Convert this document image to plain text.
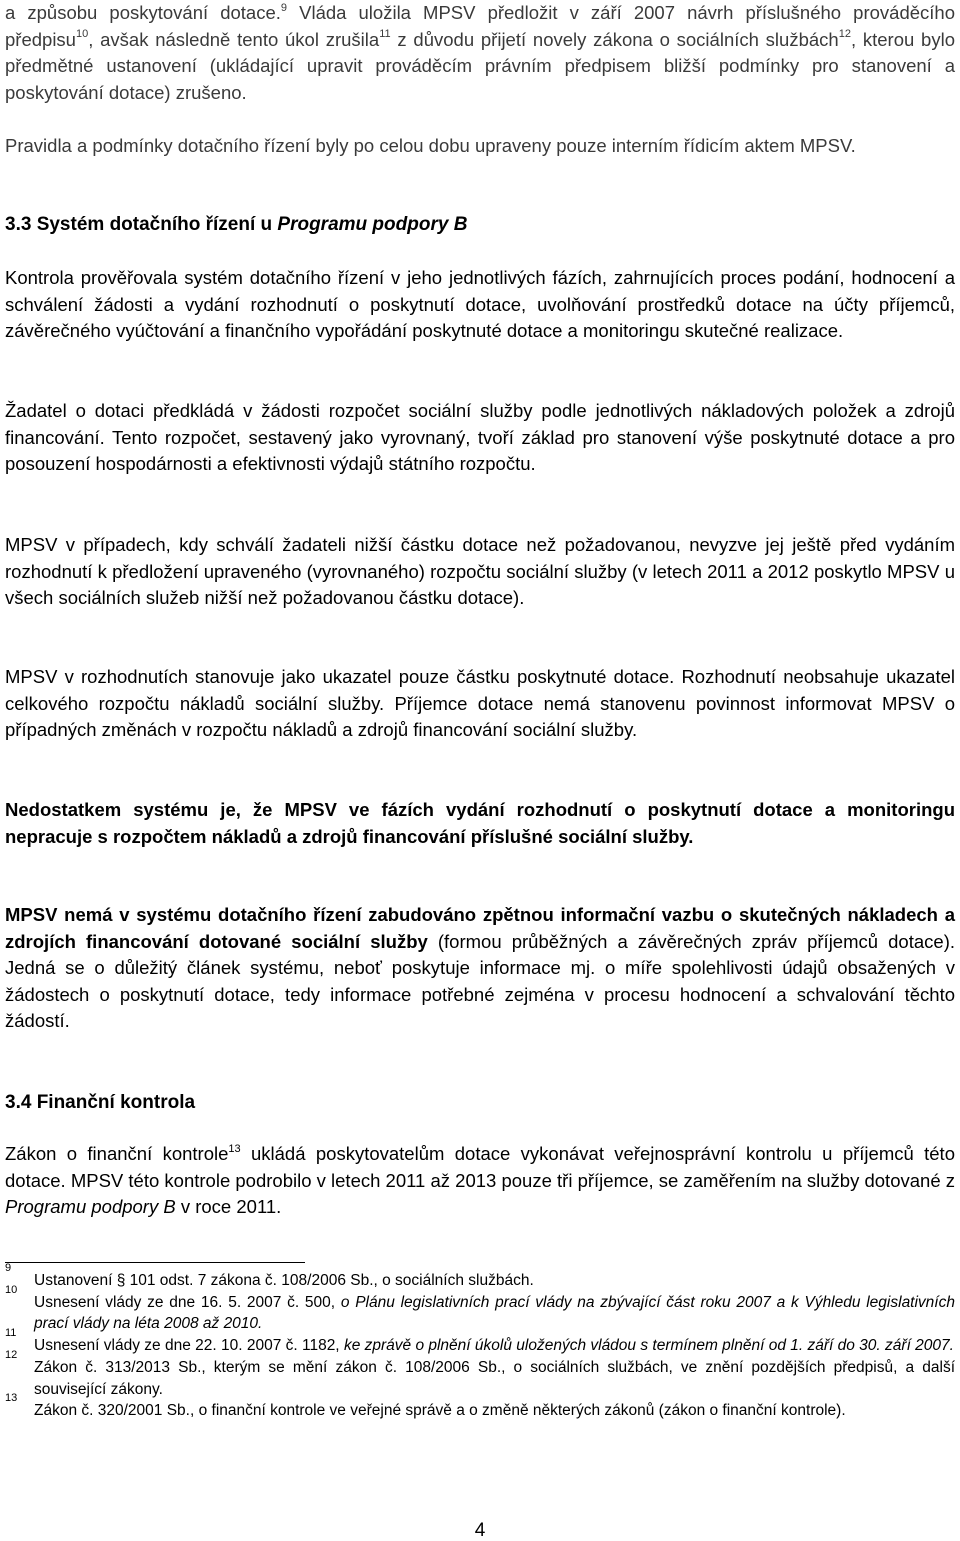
a způsobu poskytování dotace.$^9$ Vláda uložila MPSV předložit v září 2007 návrh příslušného prováděcího předpisu$^{10}$, avšak následně tento úkol zrušila$^{11}$ z důvodu přijetí novely zákona o sociálních službách$^{12}$, kterou bylo předmětné ustanovení (ukládající upravit prováděcím právním předpisem bližší podmínky pro stanovení a poskytování dotace) zrušeno.

Pravidla a podmínky dotačního řízení byly po celou dobu upraveny pouze interním řídicím aktem MPSV.

3.3 Systém dotačního řízení u Programu podpory B

Kontrola prověřovala systém dotačního řízení v jeho jednotlivých fázích, zahrnujících proces podání, hodnocení a schválení žádosti a vydání rozhodnutí o poskytnutí dotace, uvolňování prostředků dotace na účty příjemců, závěrečného vyúčtování a finančního vypořádání poskytnuté dotace a monitoringu skutečné realizace.

Žadatel o dotaci předkládá v žádosti rozpočet sociální služby podle jednotlivých nákladových položek a zdrojů financování. Tento rozpočet, sestavený jako vyrovnaný, tvoří základ pro stanovení výše poskytnuté dotace a pro posouzení hospodárnosti a efektivnosti výdajů státního rozpočtu.

MPSV v případech, kdy schválí žadateli nižší částku dotace než požadovanou, nevyzve jej ještě před vydáním rozhodnutí k předložení upraveného (vyrovnaného) rozpočtu sociální služby (v letech 2011 a 2012 poskytlo MPSV u všech sociálních služeb nižší než požadovanou částku dotace).

MPSV v rozhodnutích stanovuje jako ukazatel pouze částku poskytnuté dotace. Rozhodnutí neobsahuje ukazatel celkového rozpočtu nákladů sociální služby. Příjemce dotace nemá stanovenu povinnost informovat MPSV o případných změnách v rozpočtu nákladů a zdrojů financování sociální služby.

Nedostatkem systému je, že MPSV ve fázích vydání rozhodnutí o poskytnutí dotace a monitoringu nepracuje s rozpočtem nákladů a zdrojů financování příslušné sociální služby.

MPSV nemá v systému dotačního řízení zabudováno zpětnou informační vazbu o skutečných nákladech a zdrojích financování dotované sociální služby (formou průběžných a závěrečných zpráv příjemců dotace). Jedná se o důležitý článek systému, neboť poskytuje informace mj. o míře spolehlivosti údajů obsažených v žádostech o poskytnutí dotace, tedy informace potřebné zejména v procesu hodnocení a schvalování těchto žádostí.

3.4 Finanční kontrola

Zákon o finanční kontrole$^{13}$ ukládá poskytovatelům dotace vykonávat veřejnosprávní kontrolu u příjemců této dotace. MPSV této kontrole podrobilo v letech 2011 až 2013 pouze tři příjemce, se zaměřením na služby dotované z Programu podpory B v roce 2011.

9
Ustanovení § 101 odst. 7 zákona č. 108/2006 Sb., o sociálních službách.
10
Usnesení vlády ze dne 16. 5. 2007 č. 500, o Plánu legislativních prací vlády na zbývající část roku 2007 a k Výhledu legislativních prací vlády na léta 2008 až 2010.
11
Usnesení vlády ze dne 22. 10. 2007 č. 1182, ke zprávě o plnění úkolů uložených vládou s termínem plnění od 1. září do 30. září 2007.
12
Zákon č. 313/2013 Sb., kterým se mění zákon č. 108/2006 Sb., o sociálních službách, ve znění pozdějších předpisů, a další související zákony.
13
Zákon č. 320/2001 Sb., o finanční kontrole ve veřejné správě a o změně některých zákonů (zákon o finanční kontrole).
4
